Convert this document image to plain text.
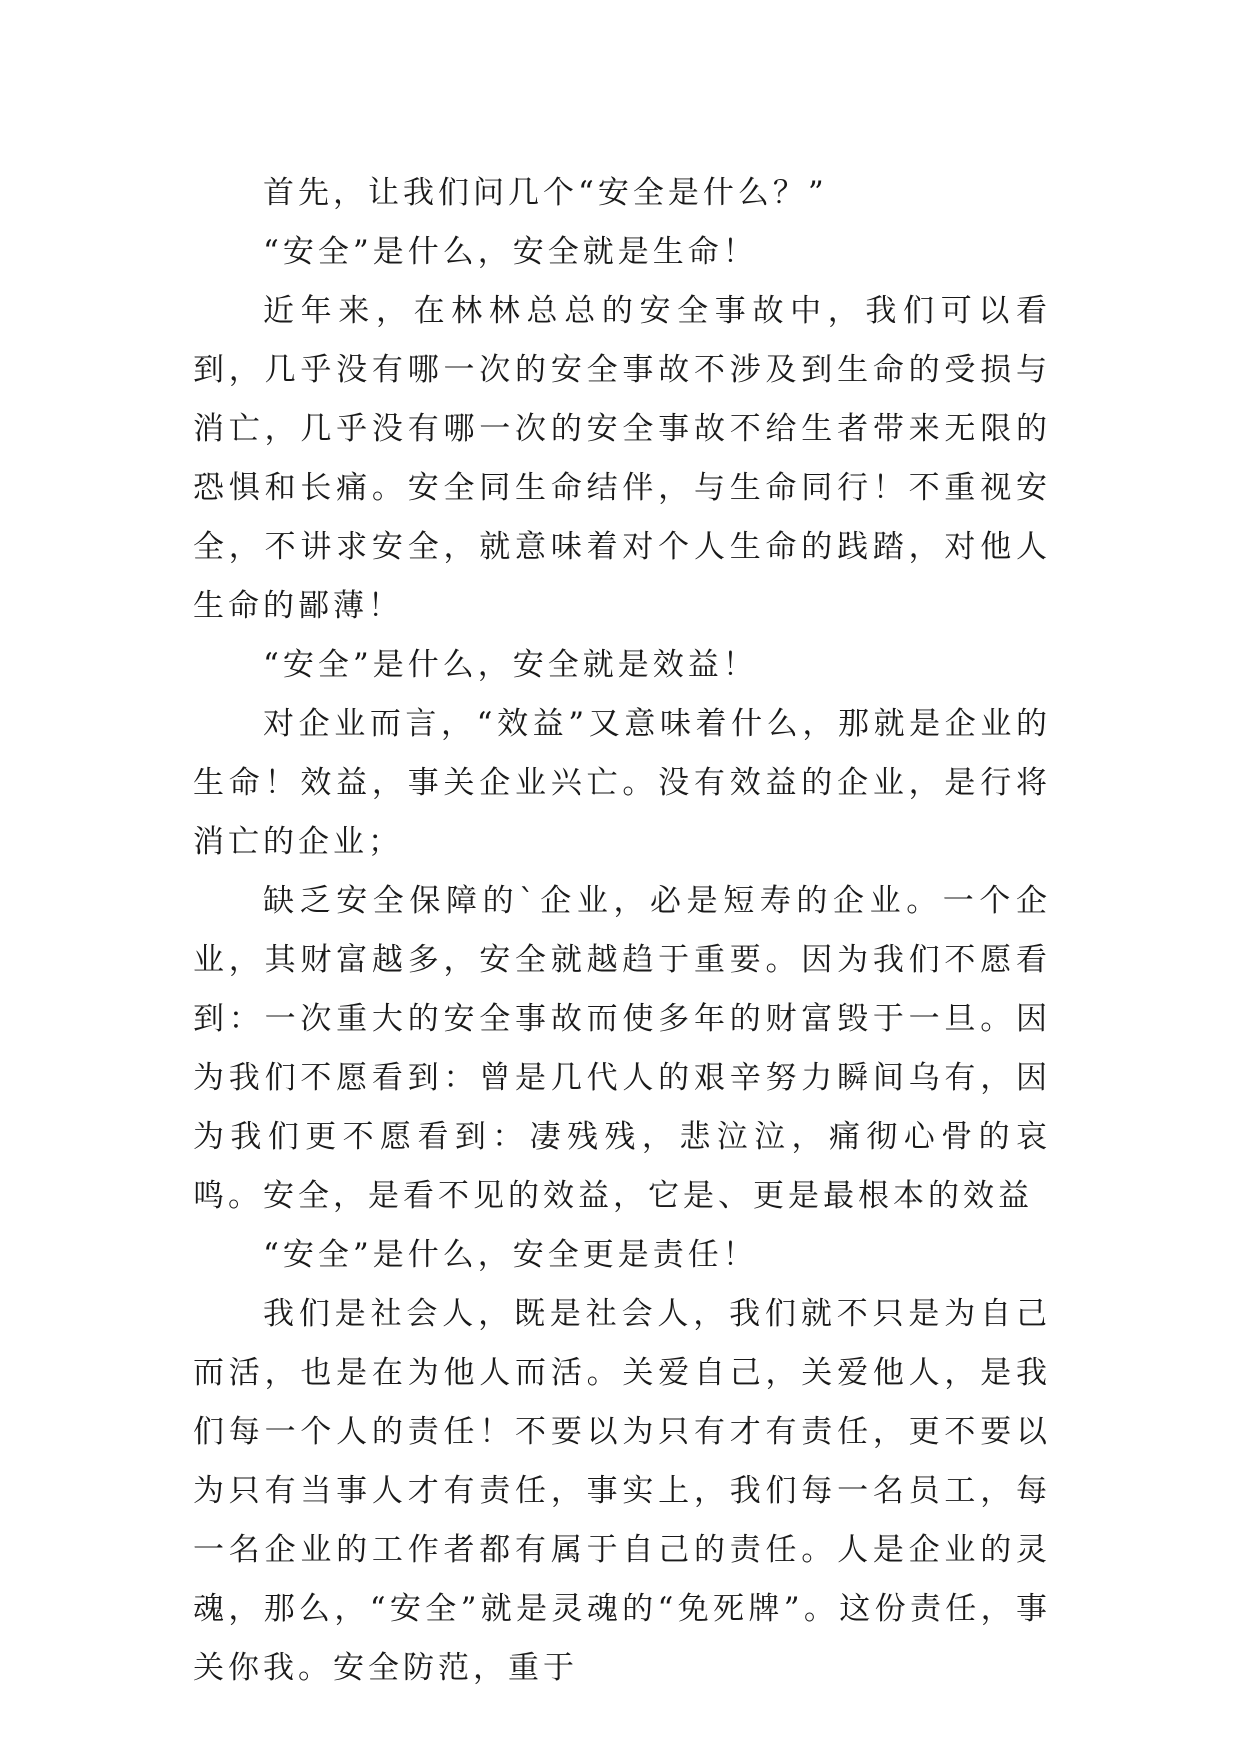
首先，让我们问几个“安全是什么？”

“安全”是什么，安全就是生命！

近年来，在林林总总的安全事故中，我们可以看到，几乎没有哪一次的安全事故不涉及到生命的受损与消亡，几乎没有哪一次的安全事故不给生者带来无限的恐惧和长痛。安全同生命结伴，与生命同行！不重视安全，不讲求安全，就意味着对个人生命的践踏，对他人生命的鄙薄！

“安全”是什么，安全就是效益！

对企业而言，“效益”又意味着什么，那就是企业的生命！效益，事关企业兴亡。没有效益的企业，是行将消亡的企业；

缺乏安全保障的`企业，必是短寿的企业。一个企业，其财富越多，安全就越趋于重要。因为我们不愿看到：一次重大的安全事故而使多年的财富毁于一旦。因为我们不愿看到：曾是几代人的艰辛努力瞬间乌有，因为我们更不愿看到：凄残残，悲泣泣，痛彻心骨的哀鸣。安全，是看不见的效益，它是、更是最根本的效益

“安全”是什么，安全更是责任！

我们是社会人，既是社会人，我们就不只是为自己而活，也是在为他人而活。关爱自己，关爱他人，是我们每一个人的责任！不要以为只有才有责任，更不要以为只有当事人才有责任，事实上，我们每一名员工，每一名企业的工作者都有属于自己的责任。人是企业的灵魂，那么，“安全”就是灵魂的“免死牌”。这份责任，事关你我。安全防范，重于
